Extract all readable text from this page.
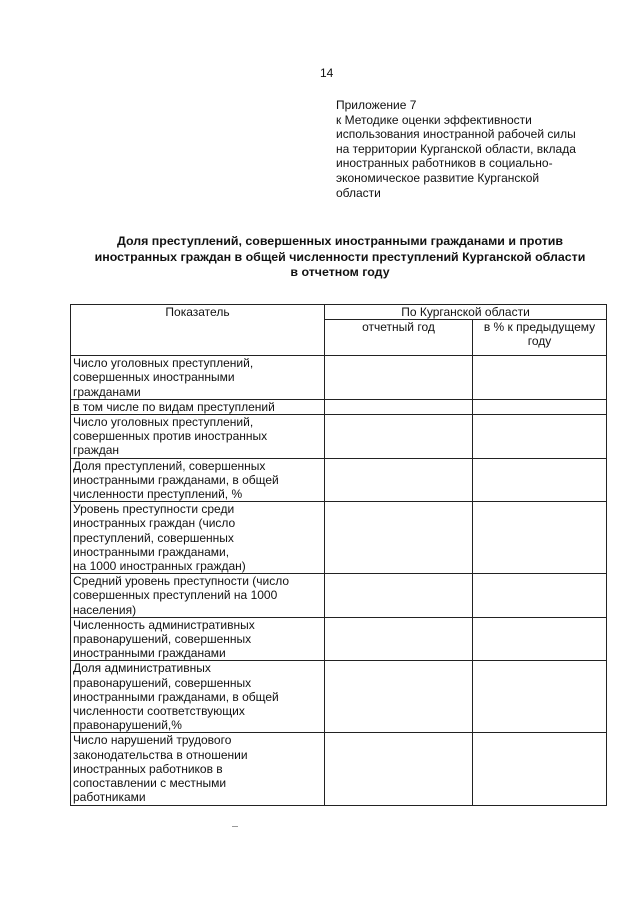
14
Приложение 7
к Методике оценки эффективности
использования иностранной рабочей силы
на территории Курганской области, вклада
иностранных работников в социально-
экономическое развитие Курганской
области
Доля преступлений, совершенных иностранными гражданами и против
иностранных граждан в общей численности преступлений Курганской области
в отчетном году
Показатель	По Курганской области	
	отчетный год	в % к предыдущему
году

Число уголовных преступлений,
совершенных иностранными
гражданами		

в том числе по видам преступлений		

Число уголовных преступлений,
совершенных против иностранных
граждан		

Доля преступлений, совершенных
иностранными гражданами, в общей
численности преступлений, %		

Уровень преступности среди
иностранных граждан (число
преступлений, совершенных
иностранными гражданами,
на 1000 иностранных граждан)		

Средний уровень преступности (число
совершенных преступлений на 1000
населения)		

Численность административных
правонарушений, совершенных
иностранными гражданами		

Доля административных
правонарушений, совершенных
иностранными гражданами, в общей
численности соответствующих
правонарушений,%		

Число нарушений трудового
законодательства в отношении
иностранных работников в
сопоставлении с местными
работниками		
